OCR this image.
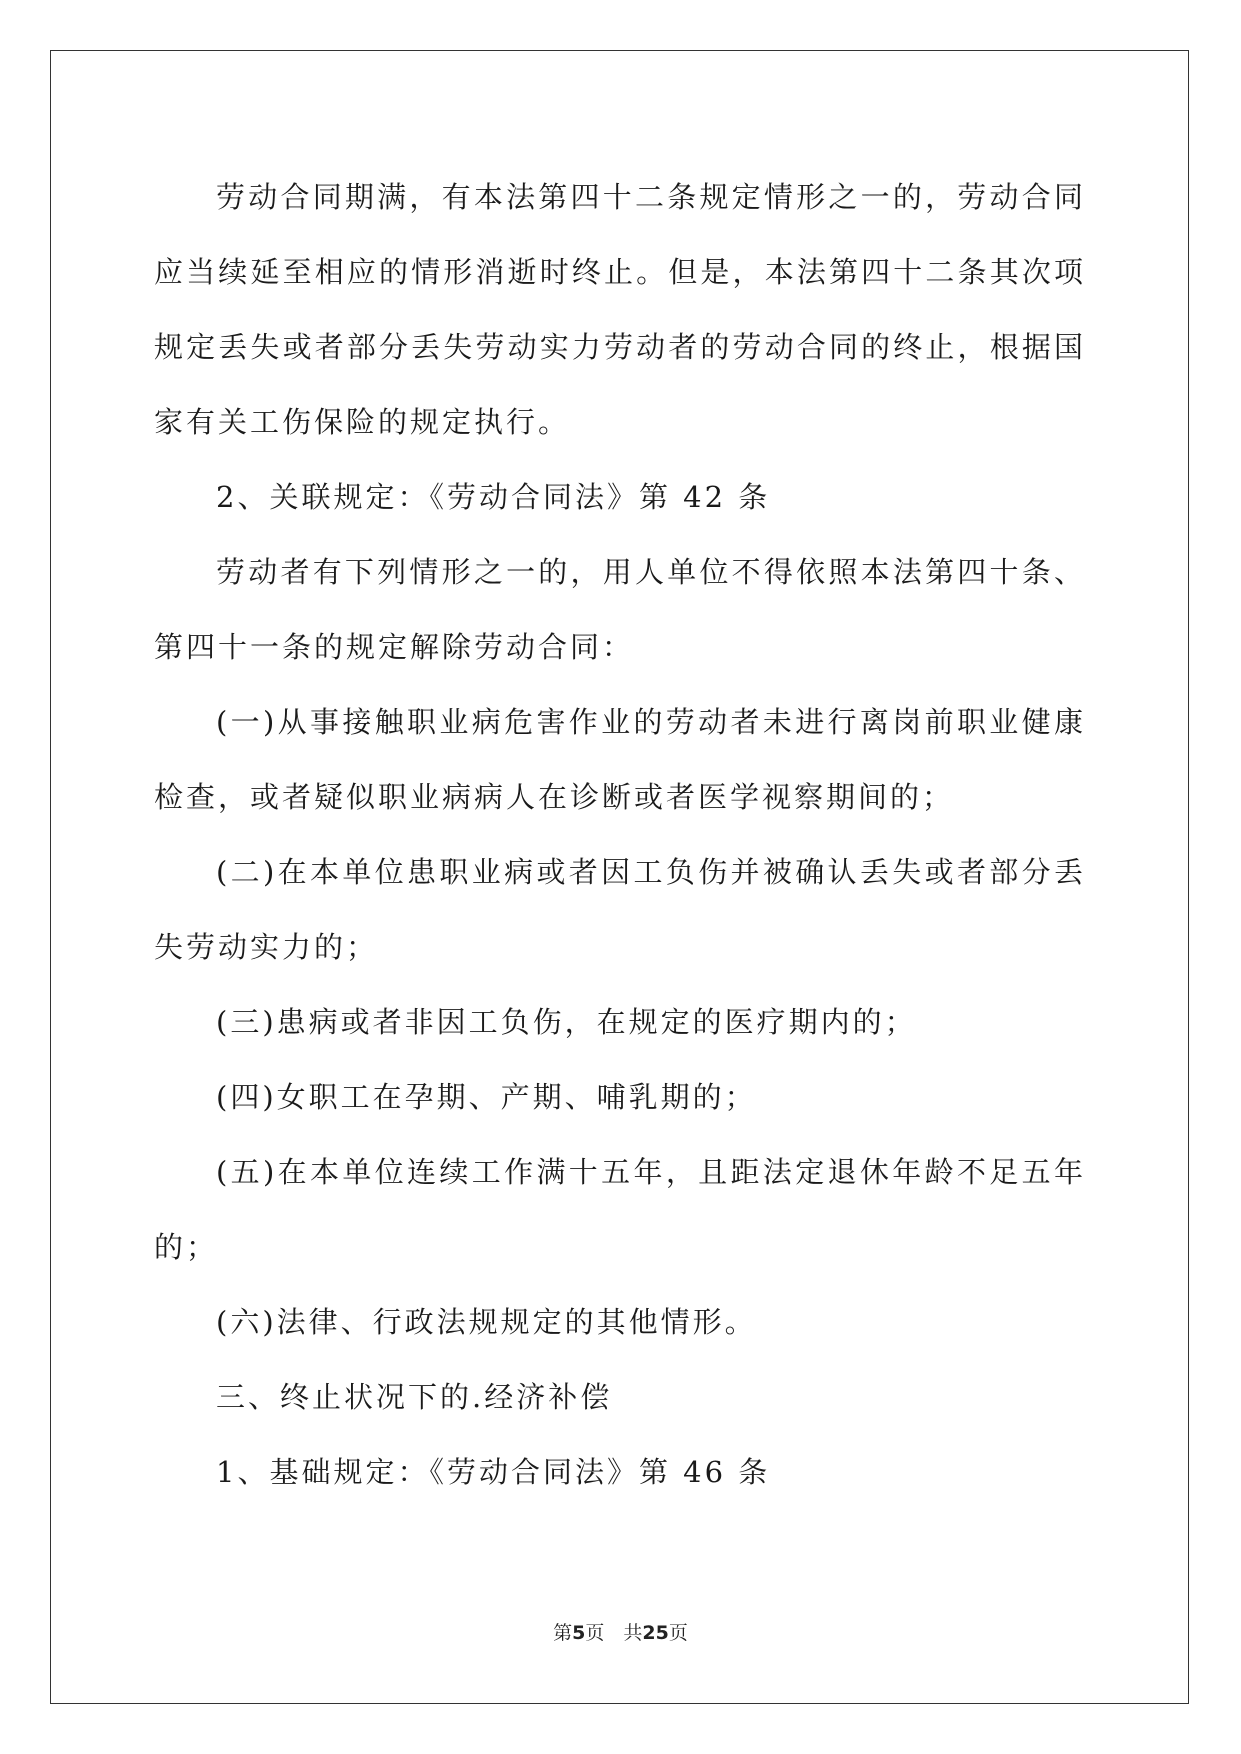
劳动合同期满，有本法第四十二条规定情形之一的，劳动合同应当续延至相应的情形消逝时终止。但是，本法第四十二条其次项规定丢失或者部分丢失劳动实力劳动者的劳动合同的终止，根据国家有关工伤保险的规定执行。

2、关联规定：《劳动合同法》第 42 条

劳动者有下列情形之一的，用人单位不得依照本法第四十条、第四十一条的规定解除劳动合同：

(一)从事接触职业病危害作业的劳动者未进行离岗前职业健康检查，或者疑似职业病病人在诊断或者医学视察期间的；

(二)在本单位患职业病或者因工负伤并被确认丢失或者部分丢失劳动实力的；

(三)患病或者非因工负伤，在规定的医疗期内的；

(四)女职工在孕期、产期、哺乳期的；

(五)在本单位连续工作满十五年，且距法定退休年龄不足五年的；

(六)法律、行政法规规定的其他情形。

三、终止状况下的.经济补偿

1、基础规定：《劳动合同法》第 46 条

第5页　共25页
